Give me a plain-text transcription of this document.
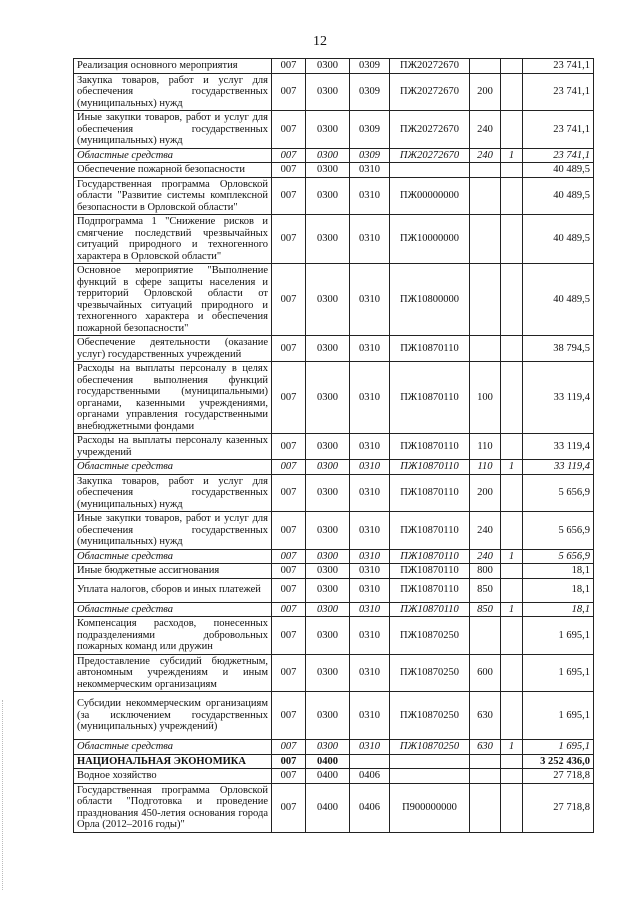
12
Реализация основного мероприятия	007	0300	0309	ПЖ20272670			23 741,1
Закупка товаров, работ и услуг для обеспечения государственных (муниципальных) нужд	007	0300	0309	ПЖ20272670	200		23 741,1
Иные закупки товаров, работ и услуг для обеспечения государственных (муниципальных) нужд	007	0300	0309	ПЖ20272670	240		23 741,1
Областные средства	007	0300	0309	ПЖ20272670	240	1	23 741,1
Обеспечение пожарной безопасности	007	0300	0310				40 489,5
Государственная программа Орловской области "Развитие системы комплексной безопасности в Орловской области"	007	0300	0310	ПЖ00000000			40 489,5
Подпрограмма 1 "Снижение рисков и смягчение последствий чрезвычайных ситуаций природного и техногенного характера в Орловской области"	007	0300	0310	ПЖ10000000			40 489,5
Основное мероприятие "Выполнение функций в сфере защиты населения и территорий Орловской области от чрезвычайных ситуаций природного и техногенного характера и обеспечения пожарной безопасности"	007	0300	0310	ПЖ10800000			40 489,5
Обеспечение деятельности (оказание услуг) государственных учреждений	007	0300	0310	ПЖ10870110			38 794,5
Расходы на выплаты персоналу в целях обеспечения выполнения функций государственными (муниципальными) органами, казенными учреждениями, органами управления государственными внебюджетными фондами	007	0300	0310	ПЖ10870110	100		33 119,4
Расходы на выплаты персоналу казенных учреждений	007	0300	0310	ПЖ10870110	110		33 119,4
Областные средства	007	0300	0310	ПЖ10870110	110	1	33 119,4
Закупка товаров, работ и услуг для обеспечения государственных (муниципальных) нужд	007	0300	0310	ПЖ10870110	200		5 656,9
Иные закупки товаров, работ и услуг для обеспечения государственных (муниципальных) нужд	007	0300	0310	ПЖ10870110	240		5 656,9
Областные средства	007	0300	0310	ПЖ10870110	240	1	5 656,9
Иные бюджетные ассигнования	007	0300	0310	ПЖ10870110	800		18,1
Уплата налогов, сборов и иных платежей	007	0300	0310	ПЖ10870110	850		18,1
Областные средства	007	0300	0310	ПЖ10870110	850	1	18,1
Компенсация расходов, понесенных подразделениями добровольных пожарных команд или дружин	007	0300	0310	ПЖ10870250			1 695,1
Предоставление субсидий бюджетным, автономным учреждениям и иным некоммерческим организациям	007	0300	0310	ПЖ10870250	600		1 695,1
Субсидии некоммерческим организациям (за исключением государственных (муниципальных) учреждений)	007	0300	0310	ПЖ10870250	630		1 695,1
Областные средства	007	0300	0310	ПЖ10870250	630	1	1 695,1
НАЦИОНАЛЬНАЯ ЭКОНОМИКА	007	0400					3 252 436,0
Водное хозяйство	007	0400	0406				27 718,8
Государственная программа Орловской области "Подготовка и проведение празднования 450-летия основания города Орла (2012–2016 годы)"	007	0400	0406	П900000000			27 718,8
